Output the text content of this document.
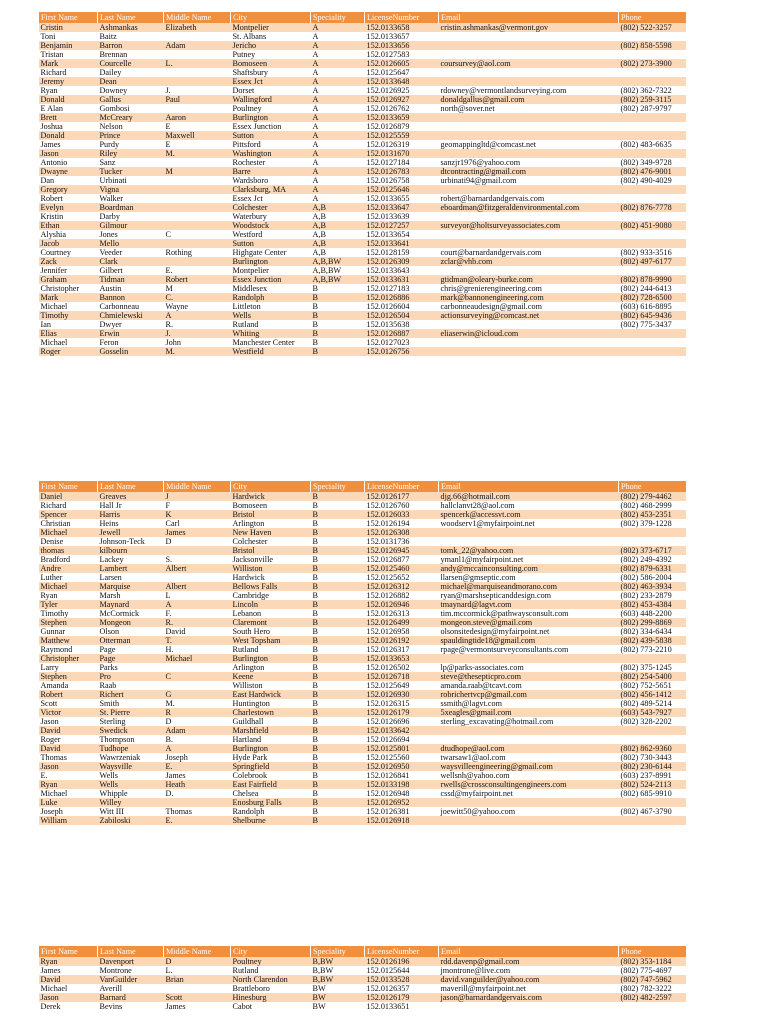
First Name	Last Name	Middle Name	City	Speciality	LicenseNumber	Email	Phone
Cristin	Ashmankas	Elizabeth	Montpelier	A	152.0133658	cristin.ashmankas@vermont.gov	(802) 522-3257
Toni	Baitz		St. Albans	A	152.0133657		
Benjamin	Barron	Adam	Jericho	A	152.0133656		(802) 858-5598
Tristan	Brennan		Putney	A	152.0127583		
Mark	Courcelle	L.	Bomoseen	A	152.0126605	coursurvey@aol.com	(802) 273-3900
Richard	Dailey		Shaftsbury	A	152.0125647		
Jeremy	Dean		Essex Jct	A	152.0133648		
Ryan	Downey	J.	Dorset	A	152.0126925	rdowney@vermontlandsurveying.com	(802) 362-7322
Donald	Gallus	Paul	Wallingford	A	152.0126927	donaldgallus@gmail.com	(802) 259-3115
E Alan	Gombosi		Poultney	A	152.0126762	north@sover.net	(802) 287-9797
Brett	McCreary	Aaron	Burlington	A	152.0133659		
Joshua	Nelson	E	Essex Junction	A	152.0126879		
Donald	Prince	Maxwell	Sutton	A	152.0125559		
James	Purdy	E	Pittsford	A	152.0126319	geomappingltd@comcast.net	(802) 483-6635
Jason	Riley	M.	Washington	A	152.0131670		
Antonio	Sanz		Rochester	A	152.0127184	sanzjr1976@yahoo.com	(802) 349-9728
Dwayne	Tucker	M	Barre	A	152.0126783	dtcontracting@gmail.com	(802) 476-9001
Dan	Urbinati		Wardsboro	A	152.0126758	urbinati94@gmail.com	(802) 490-4029
Gregory	Vigna		Clarksburg, MA	A	152.0125646		
Robert	Walker		Essex Jct	A	152.0133655	robert@barnardandgervais.com	
Evelyn	Boardman		Colchester	A,B	152.0133647	eboardman@fitzgeraldenvironmental.com	(802) 876-7778
Kristin	Darby		Waterbury	A,B	152.0133639		
Ethan	Gilmour		Woodstock	A,B	152.0127257	surveyor@holtsurveyassociates.com	(802) 451-9080
Alyshia	Jones	C	Westford	A,B	152.0133654		
Jacob	Mello		Sutton	A,B	152.0133641		
Courtney	Veeder	Rothing	Highgate Center	A,B	152.0128159	court@barnardandgervais.com	(802) 933-3516
Zack	Clark		Burlington	A,B,BW	152.0126309	zclar@vhb.com	(802) 497-6177
Jennifer	Gilbert	E.	Montpelier	A,B,BW	152.0133643		
Graham	Tidman	Robert	Essex Junction	A,B,BW	152.0133631	gtidman@oleary-burke.com	(802) 878-9990
Christopher	Austin	M	Middlesex	B	152.0127183	chris@grenierengineering.com	(802) 244-6413
Mark	Bannon	C.	Randolph	B	152.0126886	mark@bannonengineering.com	(802) 728-6500
Michael	Carbonneau	Wayne	Littleton	B	152.0126604	carbonneaudesign@gmail.com	(603) 616-8895
Timothy	Chmielewski	A	Wells	B	152.0126504	actionsurveying@comcast.net	(802) 645-9436
Ian	Dwyer	R.	Rutland	B	152.0135638		(802) 775-3437
Elias	Erwin	J.	Whiting	B	152.0126887	eliaserwin@icloud.com	
Michael	Feron	John	Manchester Center	B	152.0127023		
Roger	Gosselin	M.	Westfield	B	152.0126756		
First Name	Last Name	Middle Name	City	Speciality	LicenseNumber	Email	Phone
Daniel	Greaves	J	Hardwick	B	152.0126177	djg.66@hotmail.com	(802) 279-4462
Richard	Hall Jr	F	Bomoseen	B	152.0126760	hallclanvt28@aol.com	(802) 468-2999
Spencer	Harris	K	Bristol	B	152.0126033	spencerk@accessvt.com	(802) 453-2351
Christian	Heins	Carl	Arlington	B	152.0126194	woodserv1@myfairpoint.net	(802) 379-1228
Michael	Jewell	James	New Haven	B	152.0126308		
Denise	Johnson-Teck	D	Colchester	B	152.0131736		
thomas	kilbourn		Bristol	B	152.0126945	tomk_22@yahoo.com	(802) 373-6717
Bradford	Lackey	S.	Jacksonville	B	152.0126877	ymanl1@myfairpoint.net	(802) 249-4392
Andre	Lambert	Albert	Williston	B	152.0125460	andy@mccainconsulting.com	(802) 879-6331
Luther	Larsen		Hardwick	B	152.0125652	llarsen@gmseptic.com	(802) 586-2004
Michael	Marquise	Albert	Bellows Falls	B	152.0126312	michael@marquiseandmorano.com	(802) 463-3934
Ryan	Marsh	L	Cambridge	B	152.0126882	ryan@marshsepticanddesign.com	(802) 233-2879
Tyler	Maynard	A	Lincoln	B	152.0126946	tmaynard@lagvt.com	(802) 453-4384
Timothy	McCormick	F.	Lebanon	B	152.0126313	tim.mccormick@pathwaysconsult.com	(603) 448-2200
Stephen	Mongeon	R.	Claremont	B	152.0126499	mongeon.steve@gmail.com	(802) 299-8869
Gunnar	Olson	David	South Hero	B	152.0126958	olsonsitedesign@myfairpoint.net	(802) 334-6434
Matthew	Otterman	T.	West Topsham	B	152.0126192	spauldingtide18@gmail.com	(802) 439-5838
Raymond	Page	H.	Rutland	B	152.0126317	rpage@vermontsurveyconsultants.com	(802) 773-2210
Christopher	Page	Michael	Burlington	B	152.0133653		
Larry	Parks		Arlington	B	152.0126502	lp@parks-associates.com	(802) 375-1245
Stephen	Pro	C	Keene	B	152.0126718	steve@thesepticpro.com	(802) 254-5400
Amanda	Raab		Williston	B	152.0125649	amanda.raab@tcavt.com	(802) 752-5651
Robert	Richert	G	East Hardwick	B	152.0126930	robrichertvcp@gmail.com	(802) 456-1412
Scott	Smith	M.	Huntington	B	152.0126315	ssmith@lagvt.com	(802) 489-5214
Victor	St. Pierre	R	Charlestown	B	152.0126179	5xeagles@gmail.com	(603) 543-7927
Jason	Sterling	D	Guildhall	B	152.0126696	sterling_excavating@hotmail.com	(802) 328-2202
David	Swedick	Adam	Marshfield	B	152.0133642		
Roger	Thompson	B.	Hartland	B	152.0126694		
David	Tudhope	A	Burlington	B	152.0125801	dtudhope@aol.com	(802) 862-9360
Thomas	Wawrzeniak	Joseph	Hyde Park	B	152.0125560	twarsaw1@aol.com	(802) 730-3443
Jason	Waysville	E.	Springfield	B	152.0126950	waysvilleengineering@gmail.com	(802) 230-6144
E.	Wells	James	Colebrook	B	152.0126841	wellsnh@yahoo.com	(603) 237-8991
Ryan	Wells	Heath	East Fairfield	B	152.0133198	rwells@crossconsultingengineers.com	(802) 524-2113
Michael	Whipple	D.	Chelsea	B	152.0126948	cssd@myfairpoint.net	(802) 685-9910
Luke	Willey		Enosburg Falls	B	152.0126952		
Joseph	Witt III	Thomas	Randolph	B	152.0126381	joewitt50@yahoo.com	(802) 467-3790
William	Zabiloski	E.	Shelburne	B	152.0126918		
First Name	Last Name	Middle Name	City	Speciality	LicenseNumber	Email	Phone
Ryan	Davenport	D	Poultney	B,BW	152.0126196	rdd.davenp@gmail.com	(802) 353-1184
James	Montrone	L.	Rutland	B,BW	152.0125644	jmontrone@live.com	(802) 775-4697
David	VanGuilder	Brian	North Clarendon	B,BW	152.0133528	david.vanguilder@yahoo.com	(802) 747-5962
Michael	Averill		Brattleboro	BW	152.0126357	maverill@myfairpoint.net	(802) 782-3222
Jason	Barnard	Scott	Hinesburg	BW	152.0126179	jason@barnardandgervais.com	(802) 482-2597
Derek	Bevins	James	Cabot	BW	152.0133651		
